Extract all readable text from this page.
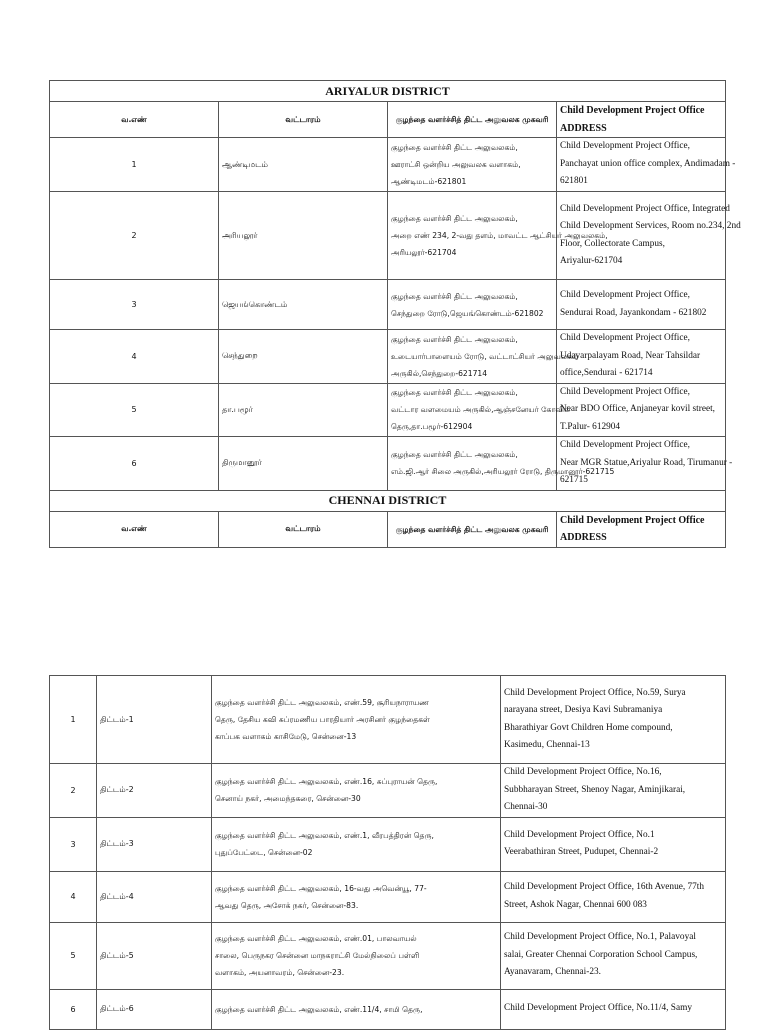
ARIYALUR DISTRICT			
வ.எண்	வட்டாரம்	குழந்தை வளர்ச்சித் திட்ட அலுவலக முகவரி	Child Development Project Office ADDRESS
1	ஆண்டிமடம்	குழந்தை வளர்ச்சி திட்ட அலுவலகம்,
ஊராட்சி ஒன்றிய அலுவலக வளாகம்,
ஆண்டிமடம்-621801	Child Development Project Office,
Panchayat union office complex, Andimadam -
621801

2	அரியலூர்	குழந்தை வளர்ச்சி திட்ட அலுவலகம்,
அறை எண் 234, 2-வது தளம், மாவட்ட ஆட்சியர் அலுவலகம்,
அரியலூர்-621704	Child Development Project Office, Integrated
Child Development Services, Room no.234, 2nd
Floor, Collectorate Campus,
Ariyalur-621704

3	ஜெயங்கொண்டம்	குழந்தை வளர்ச்சி திட்ட அலுவலகம்,
செந்துறை ரோடு,ஜெயங்கொண்டம்-621802	Child Development Project Office,
Sendurai Road, Jayankondam - 621802

4	செந்துறை	குழந்தை வளர்ச்சி திட்ட அலுவலகம்,
உடையார்பாளையம் ரோடு, வட்டாட்சியர் அலுவலகம்
அருகில்,செந்துறை-621714	Child Development Project Office,
Udayarpalayam Road, Near Tahsildar
office,Sendurai - 621714

5	தா.பழூர்	குழந்தை வளர்ச்சி திட்ட அலுவலகம்,
வட்டார வளமையம் அருகில்,ஆஞ்சனேயர் கோவில்
தெரு,தா.பழூர்-612904	Child Development Project Office,
Near BDO Office, Anjaneyar kovil street,
T.Palur- 612904

6	திருமானூர்	குழந்தை வளர்ச்சி திட்ட அலுவலகம்,
எம்.ஜி.ஆர் சிலை அருகில்,அரியலூர் ரோடு, திருமானூர்-621715	Child Development Project Office,
Near MGR Statue,Ariyalur Road, Tirumanur -
621715

CHENNAI DISTRICT			
வ.எண்	வட்டாரம்	குழந்தை வளர்ச்சித் திட்ட அலுவலக முகவரி	Child Development Project Office ADDRESS
1	திட்டம்-1	குழந்தை வளர்ச்சி திட்ட அலுவலகம், எண்.59, சூரியநாராயண
தெரு, தேசிய கவி சுப்ரமணிய பாரதியார் அரசினர் குழந்தைகள்
காப்பக வளாகம் காசிமேடு, சென்னை-13	Child Development Project Office, No.59, Surya
narayana street, Desiya Kavi Subramaniya
Bharathiyar Govt Children Home compound,
Kasimedu, Chennai-13

2	திட்டம்-2	குழந்தை வளர்ச்சி திட்ட அலுவலகம், எண்.16, சுப்புராயன் தெரு,
செனாய் நகர், அமைந்தகரை, சென்னை-30	Child Development Project Office, No.16,
Subbharayan Street, Shenoy Nagar, Aminjikarai,
Chennai-30

3	திட்டம்-3	குழந்தை வளர்ச்சி திட்ட அலுவலகம், எண்.1, வீரபத்திரன் தெரு,
புதுப்பேட்டை, சென்னை-02	Child Development Project Office, No.1
Veerabathiran Street, Pudupet, Chennai-2

4	திட்டம்-4	குழந்தை வளர்ச்சி திட்ட அலுவலகம், 16-வது அவென்யூ, 77-
ஆவது தெரு, அசோக் நகர், சென்னை-83.	Child Development Project Office, 16th Avenue, 77th
Street, Ashok Nagar, Chennai 600 083

5	திட்டம்-5	குழந்தை வளர்ச்சி திட்ட அலுவலகம், எண்.01, பாலவாயல்
சாலை, பெருநகர சென்னை மாநகராட்சி மேல்நிலைப் பள்ளி
வளாகம், அயனாவரம், சென்னை-23.	Child Development Project Office, No.1, Palavoyal
salai, Greater Chennai Corporation School Campus,
Ayanavaram, Chennai-23.

6	திட்டம்-6	குழந்தை வளர்ச்சி திட்ட அலுவலகம், எண்.11/4, சாமி தெரு,	Child Development Project Office, No.11/4, Samy
